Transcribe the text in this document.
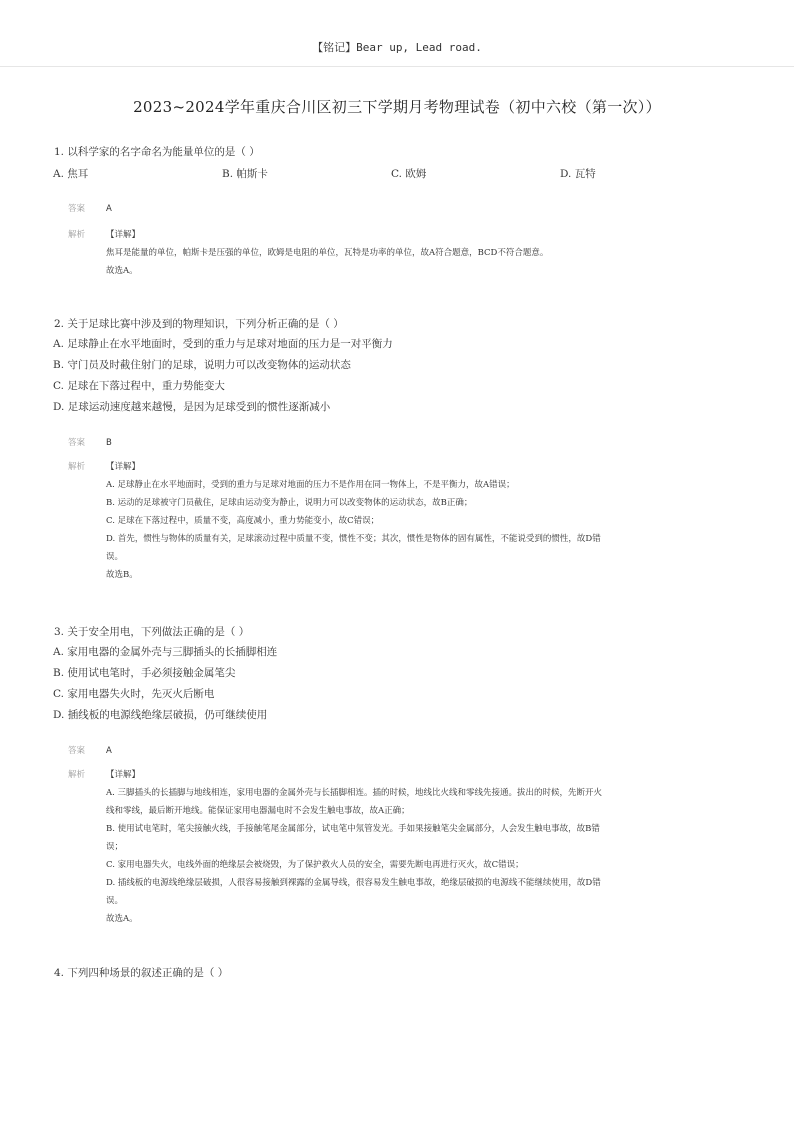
【铭记】Bear up, Lead road.
2023~2024学年重庆合川区初三下学期月考物理试卷（初中六校（第一次））
1. 以科学家的名字命名为能量单位的是（ ）
A. 焦耳	B. 帕斯卡	C. 欧姆	D. 瓦特
答案	A
解析	【详解】
焦耳是能量的单位，帕斯卡是压强的单位，欧姆是电阻的单位，瓦特是功率的单位，故A符合题意，BCD不符合题意。
故选A。
2. 关于足球比赛中涉及到的物理知识，下列分析正确的是（ ）
A. 足球静止在水平地面时，受到的重力与足球对地面的压力是一对平衡力
B. 守门员及时截住射门的足球，说明力可以改变物体的运动状态
C. 足球在下落过程中，重力势能变大
D. 足球运动速度越来越慢，是因为足球受到的惯性逐渐减小
答案	B
解析	【详解】
A. 足球静止在水平地面时，受到的重力与足球对地面的压力不是作用在同一物体上，不是平衡力，故A错误；
B. 运动的足球被守门员截住，足球由运动变为静止，说明力可以改变物体的运动状态，故B正确；
C. 足球在下落过程中，质量不变，高度减小，重力势能变小，故C错误；
D. 首先，惯性与物体的质量有关，足球滚动过程中质量不变，惯性不变；其次，惯性是物体的固有属性，不能说受到的惯性，故D错
误。
故选B。
3. 关于安全用电，下列做法正确的是（ ）
A. 家用电器的金属外壳与三脚插头的长插脚相连
B. 使用试电笔时，手必须接触金属笔尖
C. 家用电器失火时，先灭火后断电
D. 插线板的电源线绝缘层破损，仍可继续使用
答案	A
解析	【详解】
A. 三脚插头的长插脚与地线相连，家用电器的金属外壳与长插脚相连。插的时候，地线比火线和零线先接通。拔出的时候，先断开火
线和零线，最后断开地线。能保证家用电器漏电时不会发生触电事故，故A正确；
B. 使用试电笔时，笔尖接触火线，手接触笔尾金属部分，试电笔中氖管发光。手如果接触笔尖金属部分，人会发生触电事故，故B错
误；
C. 家用电器失火，电线外面的绝缘层会被烧毁，为了保护救火人员的安全，需要先断电再进行灭火，故C错误；
D. 插线板的电源线绝缘层破损，人很容易接触到裸露的金属导线，很容易发生触电事故，绝缘层破损的电源线不能继续使用，故D错
误。
故选A。
4. 下列四种场景的叙述正确的是（ ）
